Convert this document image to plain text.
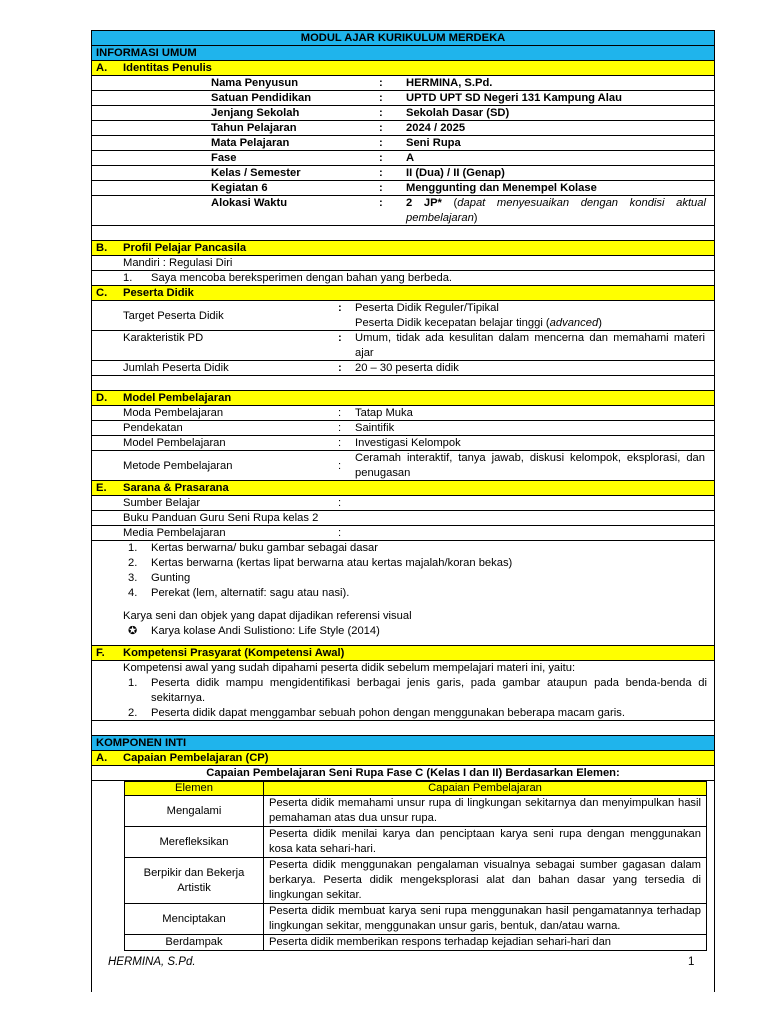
MODUL AJAR KURIKULUM MERDEKA
INFORMASI UMUM
A. Identitas Penulis
Nama Penyusun	: HERMINA, S.Pd.
Satuan Pendidikan	: UPTD UPT SD Negeri 131 Kampung Alau
Jenjang Sekolah	: Sekolah Dasar (SD)
Tahun Pelajaran	: 2024 / 2025
Mata Pelajaran	: Seni Rupa
Fase	: A
Kelas / Semester	: II (Dua) / II (Genap)
Kegiatan 6	: Menggunting dan Menempel Kolase
Alokasi Waktu	: 2 JP* (dapat menyesuaikan dengan kondisi aktual pembelajaran)
B. Profil Pelajar Pancasila
Mandiri : Regulasi Diri
1. Saya mencoba bereksperimen dengan bahan yang berbeda.
C. Peserta Didik
Target Peserta Didik
: Peserta Didik Reguler/Tipikal
Peserta Didik kecepatan belajar tinggi (advanced)
Karakteristik PD	: Umum, tidak ada kesulitan dalam mencerna dan memahami materi ajar
Jumlah Peserta Didik	: 20 – 30 peserta didik
D. Model Pembelajaran
Moda Pembelajaran	: Tatap Muka
Pendekatan	: Saintifik
Model Pembelajaran	: Investigasi Kelompok
Metode Pembelajaran	:
Ceramah interaktif, tanya jawab, diskusi kelompok, eksplorasi, dan penugasan
E. Sarana & Prasarana
Sumber Belajar	:
Buku Panduan Guru Seni Rupa kelas 2
Media Pembelajaran	:
1. Kertas berwarna/ buku gambar sebagai dasar
2. Kertas berwarna (kertas lipat berwarna atau kertas majalah/koran bekas)
3. Gunting
4. Perekat (lem, alternatif: sagu atau nasi).
Karya seni dan objek yang dapat dijadikan referensi visual
✪ Karya kolase Andi Sulistiono: Life Style (2014)
F. Kompetensi Prasyarat (Kompetensi Awal)
Kompetensi awal yang sudah dipahami peserta didik sebelum mempelajari materi ini, yaitu:
1. Peserta didik mampu mengidentifikasi berbagai jenis garis, pada gambar ataupun pada benda-benda di sekitarnya.
2. Peserta didik dapat menggambar sebuah pohon dengan menggunakan beberapa macam garis.
KOMPONEN INTI
A. Capaian Pembelajaran (CP)
Capaian Pembelajaran Seni Rupa Fase C (Kelas I dan II) Berdasarkan Elemen:
Elemen	Capaian Pembelajaran
Mengalami	Peserta didik memahami unsur rupa di lingkungan sekitarnya dan menyimpulkan hasil pemahaman atas dua unsur rupa.
Merefleksikan	Peserta didik menilai karya dan penciptaan karya seni rupa dengan menggunakan kosa kata sehari-hari.
Berpikir dan Bekerja Artistik	Peserta didik menggunakan pengalaman visualnya sebagai sumber gagasan dalam berkarya. Peserta didik mengeksplorasi alat dan bahan dasar yang tersedia di lingkungan sekitar.
Menciptakan	Peserta didik membuat karya seni rupa menggunakan hasil pengamatannya terhadap lingkungan sekitar, menggunakan unsur garis, bentuk, dan/atau warna.
Berdampak	Peserta didik memberikan respons terhadap kejadian sehari-hari dan
HERMINA, S.Pd.	1
